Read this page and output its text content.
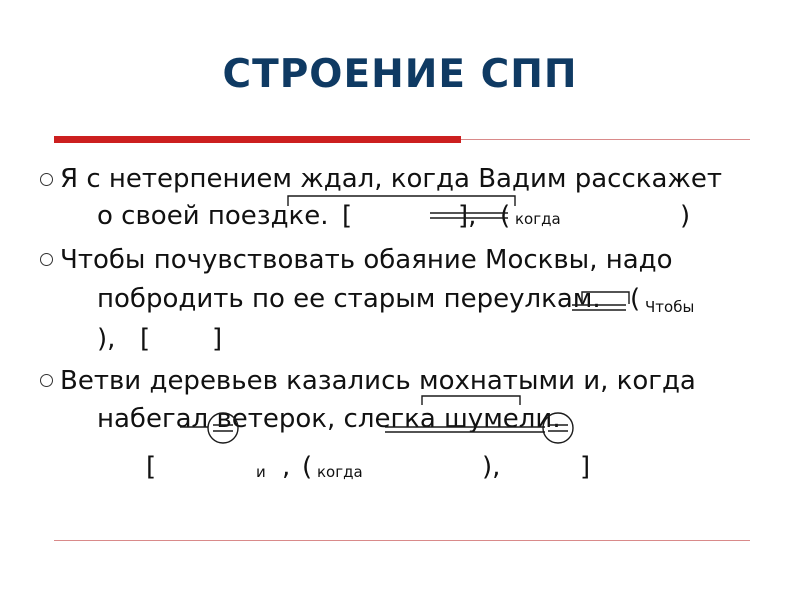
СТРОЕНИЕ СПП
Я с нетерпением ждал, когда Вадим расскажет
о своей поездке. [	], ( когда	)
Чтобы почувствовать обаяние Москвы, надо
побродить по ее старым переулкам. ( Чтобы
), [ ]
Ветви деревьев казались мохнатыми и, когда
набегал ветерок, слегка шумели.
[	и , ( когда	),	]
